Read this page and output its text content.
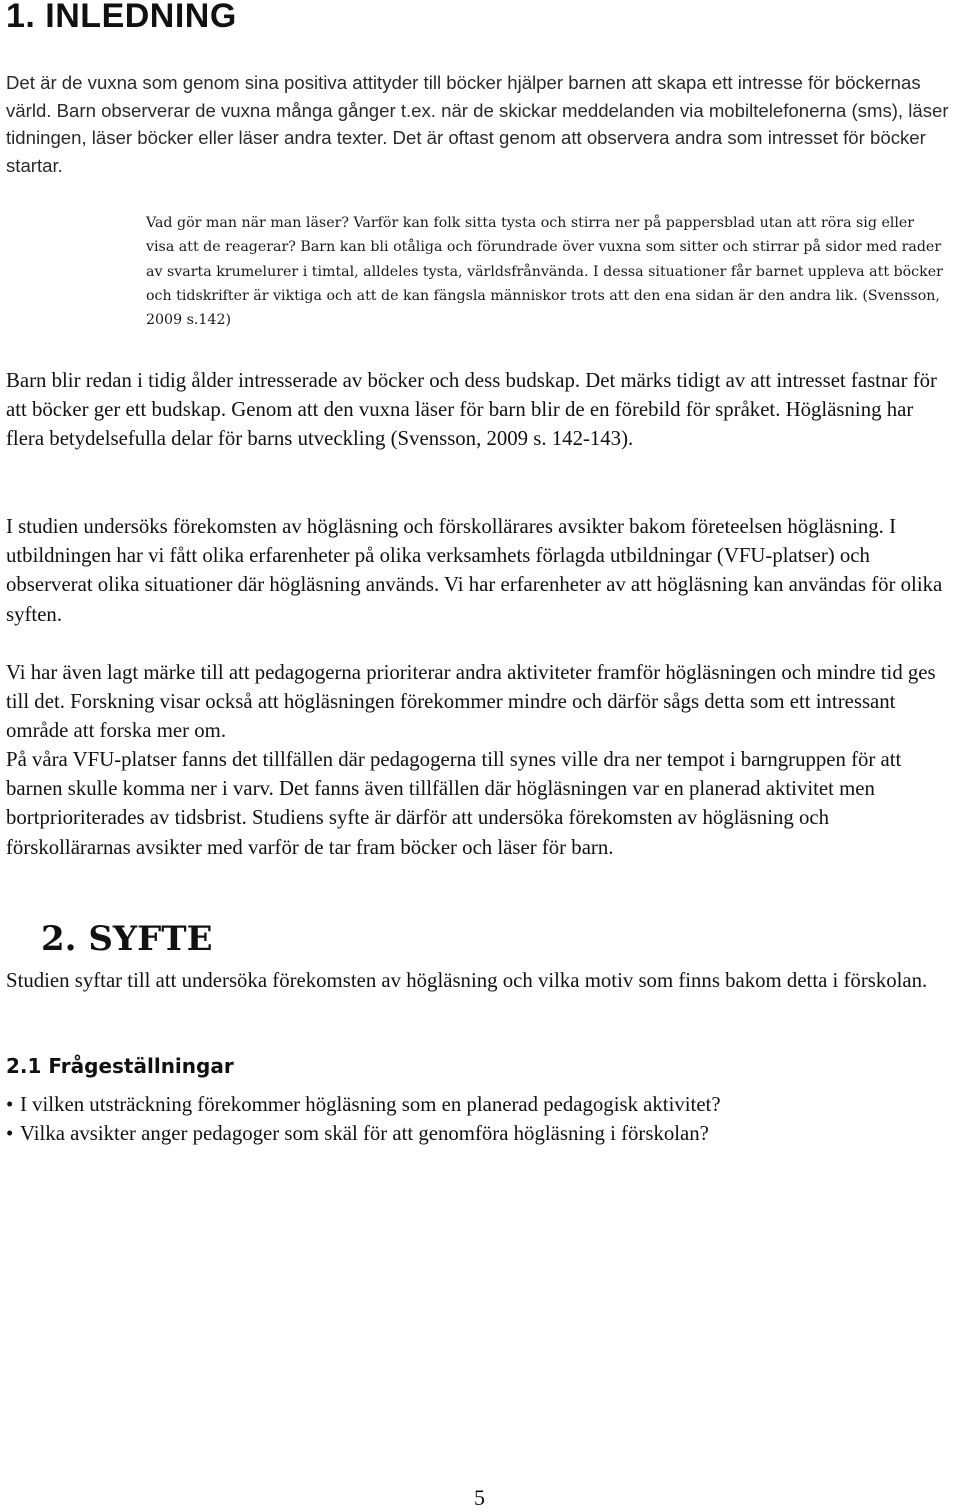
1. INLEDNING
Det är de vuxna som genom sina positiva attityder till böcker hjälper barnen att skapa ett intresse för böckernas värld. Barn observerar de vuxna många gånger t.ex. när de skickar meddelanden via mobiltelefonerna (sms), läser tidningen, läser böcker eller läser andra texter. Det är oftast genom att observera andra som intresset för böcker startar.
Vad gör man när man läser? Varför kan folk sitta tysta och stirra ner på pappersblad utan att röra sig eller visa att de reagerar? Barn kan bli otåliga och förundrade över vuxna som sitter och stirrar på sidor med rader av svarta krumelurer i timtal, alldeles tysta, världsfrånvända. I dessa situationer får barnet uppleva att böcker och tidskrifter är viktiga och att de kan fängsla människor trots att den ena sidan är den andra lik. (Svensson, 2009 s.142)
Barn blir redan i tidig ålder intresserade av böcker och dess budskap. Det märks tidigt av att intresset fastnar för att böcker ger ett budskap. Genom att den vuxna läser för barn blir de en förebild för språket. Högläsning har flera betydelsefulla delar för barns utveckling (Svensson, 2009 s. 142-143).
I studien undersöks förekomsten av högläsning och förskollärares avsikter bakom företeelsen högläsning. I utbildningen har vi fått olika erfarenheter på olika verksamhets förlagda utbildningar (VFU-platser) och observerat olika situationer där högläsning används. Vi har erfarenheter av att högläsning kan användas för olika syften.
Vi har även lagt märke till att pedagogerna prioriterar andra aktiviteter framför högläsningen och mindre tid ges till det. Forskning visar också att högläsningen förekommer mindre och därför sågs detta som ett intressant område att forska mer om.
På våra VFU-platser fanns det tillfällen där pedagogerna till synes ville dra ner tempot i barngruppen för att barnen skulle komma ner i varv. Det fanns även tillfällen där högläsningen var en planerad aktivitet men bortprioriterades av tidsbrist. Studiens syfte är därför att undersöka förekomsten av högläsning och förskollärarnas avsikter med varför de tar fram böcker och läser för barn.
2. SYFTE
Studien syftar till att undersöka förekomsten av högläsning och vilka motiv som finns bakom detta i förskolan.
2.1 Frågeställningar
• I vilken utsträckning förekommer högläsning som en planerad pedagogisk aktivitet?
• Vilka avsikter anger pedagoger som skäl för att genomföra högläsning i förskolan?
5
